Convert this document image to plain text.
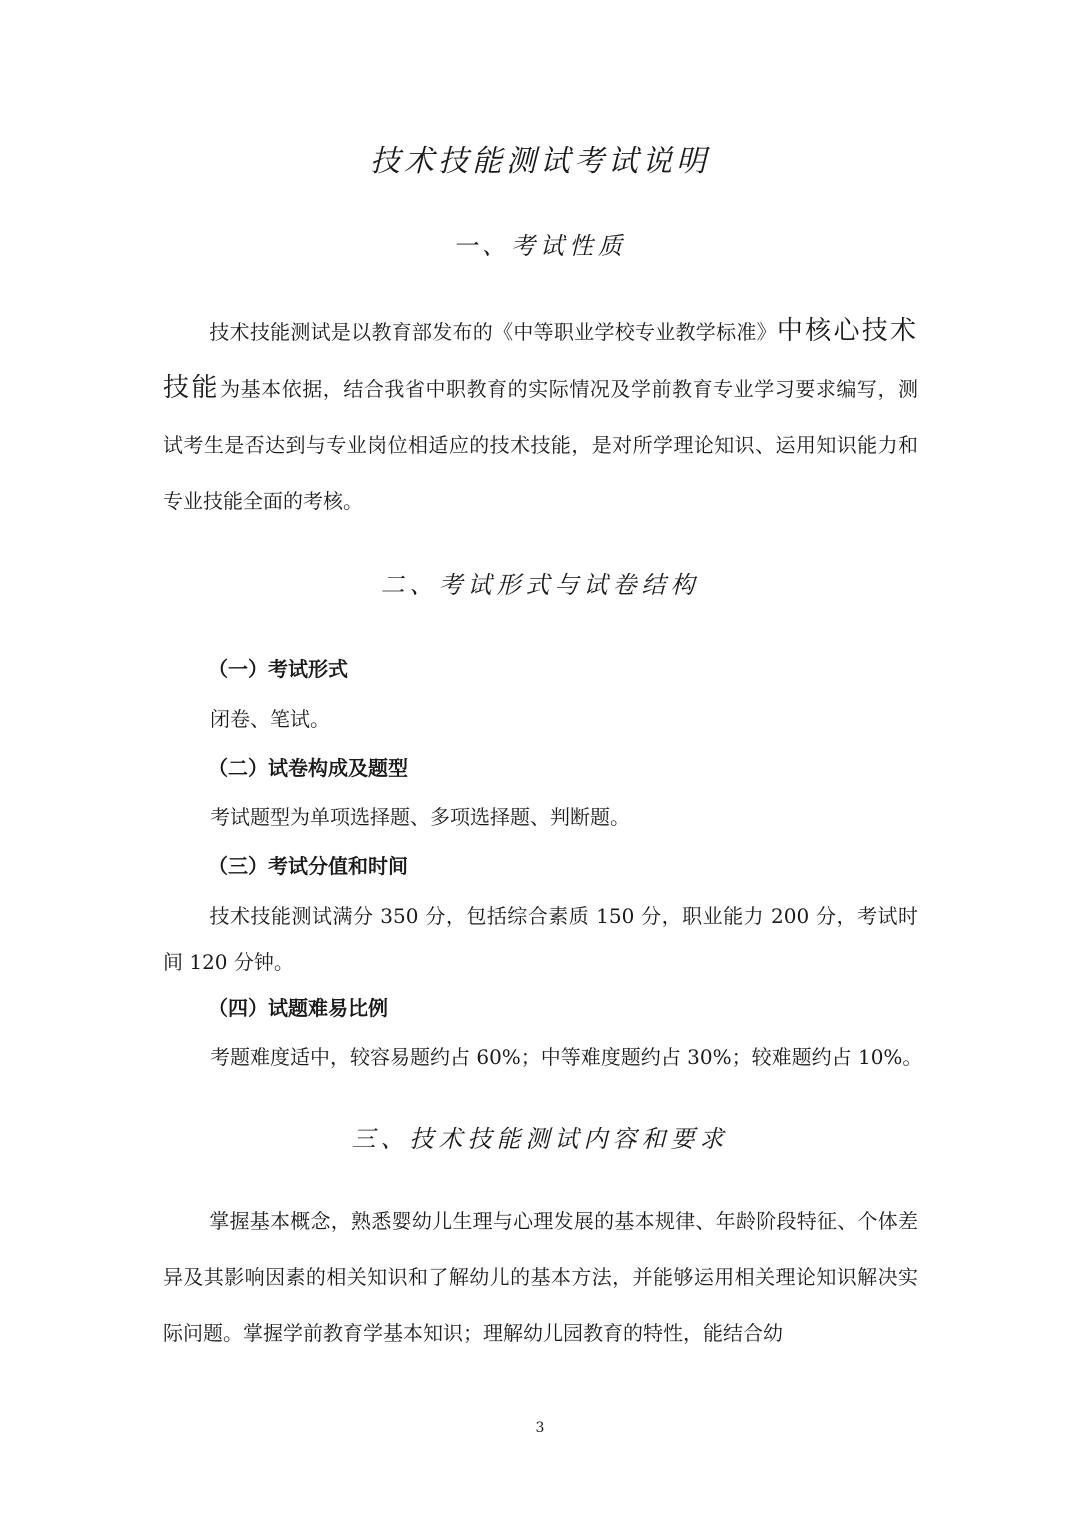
技术技能测试考试说明
一、考试性质

技术技能测试是以教育部发布的《中等职业学校专业教学标准》中核心技术技能为基本依据，结合我省中职教育的实际情况及学前教育专业学习要求编写，测试考生是否达到与专业岗位相适应的技术技能，是对所学理论知识、运用知识能力和专业技能全面的考核。

二、考试形式与试卷结构
（一）考试形式
闭卷、笔试。
（二）试卷构成及题型
考试题型为单项选择题、多项选择题、判断题。
（三）考试分值和时间

技术技能测试满分 350 分，包括综合素质 150 分，职业能力 200 分，考试时间 120 分钟。

（四）试题难易比例
考题难度适中，较容易题约占 60%；中等难度题约占 30%；较难题约占 10%。
三、技术技能测试内容和要求

掌握基本概念，熟悉婴幼儿生理与心理发展的基本规律、年龄阶段特征、个体差异及其影响因素的相关知识和了解幼儿的基本方法，并能够运用相关理论知识解决实际问题。掌握学前教育学基本知识；理解幼儿园教育的特性，能结合幼

3
